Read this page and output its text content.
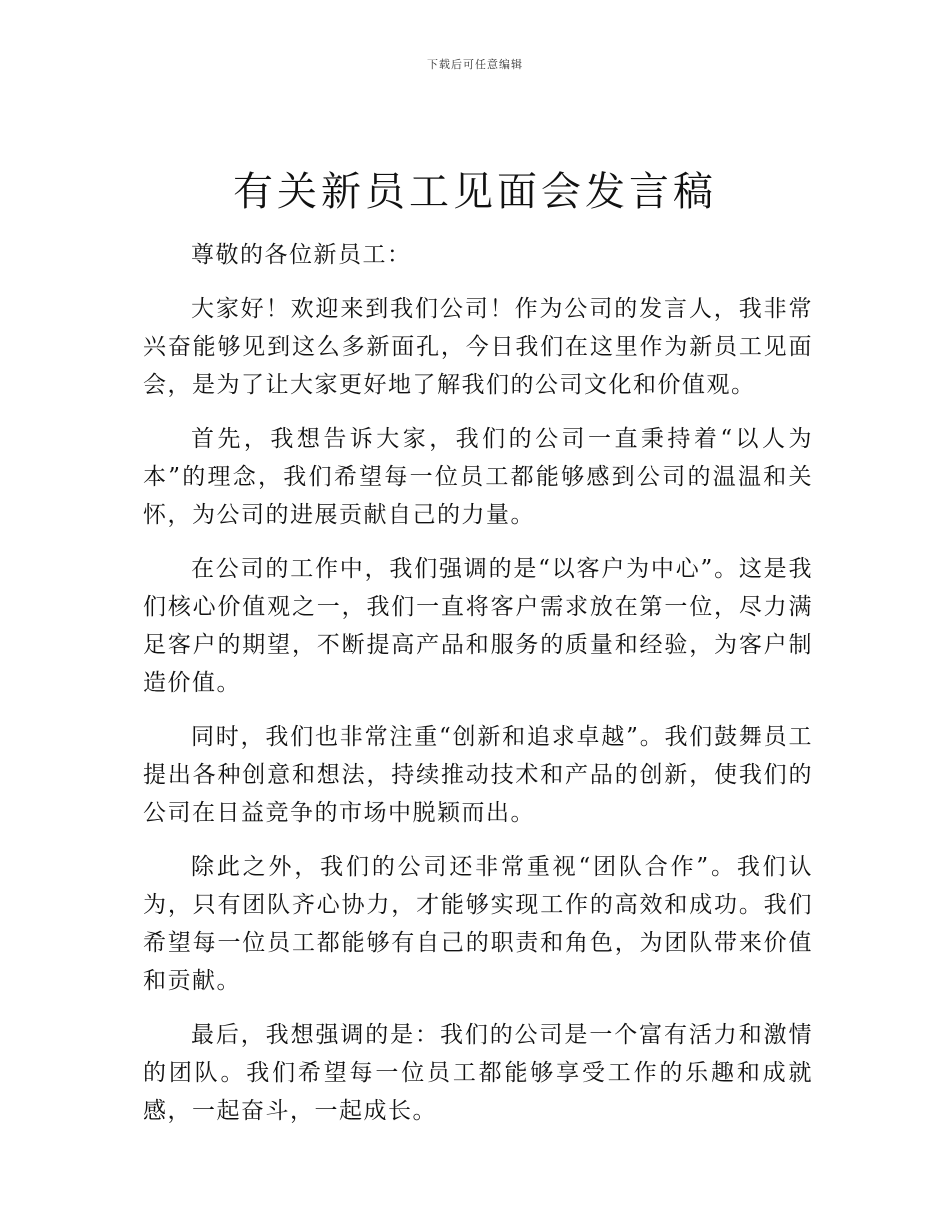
下载后可任意编辑
有关新员工见面会发言稿

尊敬的各位新员工：

大家好！欢迎来到我们公司！作为公司的发言人，我非常兴奋能够见到这么多新面孔，今日我们在这里作为新员工见面会，是为了让大家更好地了解我们的公司文化和价值观。

首先，我想告诉大家，我们的公司一直秉持着“以人为本”的理念，我们希望每一位员工都能够感到公司的温温和关怀，为公司的进展贡献自己的力量。

在公司的工作中，我们强调的是“以客户为中心”。这是我们核心价值观之一，我们一直将客户需求放在第一位，尽力满足客户的期望，不断提高产品和服务的质量和经验，为客户制造价值。

同时，我们也非常注重“创新和追求卓越”。我们鼓舞员工提出各种创意和想法，持续推动技术和产品的创新，使我们的公司在日益竞争的市场中脱颖而出。

除此之外，我们的公司还非常重视“团队合作”。我们认为，只有团队齐心协力，才能够实现工作的高效和成功。我们希望每一位员工都能够有自己的职责和角色，为团队带来价值和贡献。

最后，我想强调的是：我们的公司是一个富有活力和激情的团队。我们希望每一位员工都能够享受工作的乐趣和成就感，一起奋斗，一起成长。
